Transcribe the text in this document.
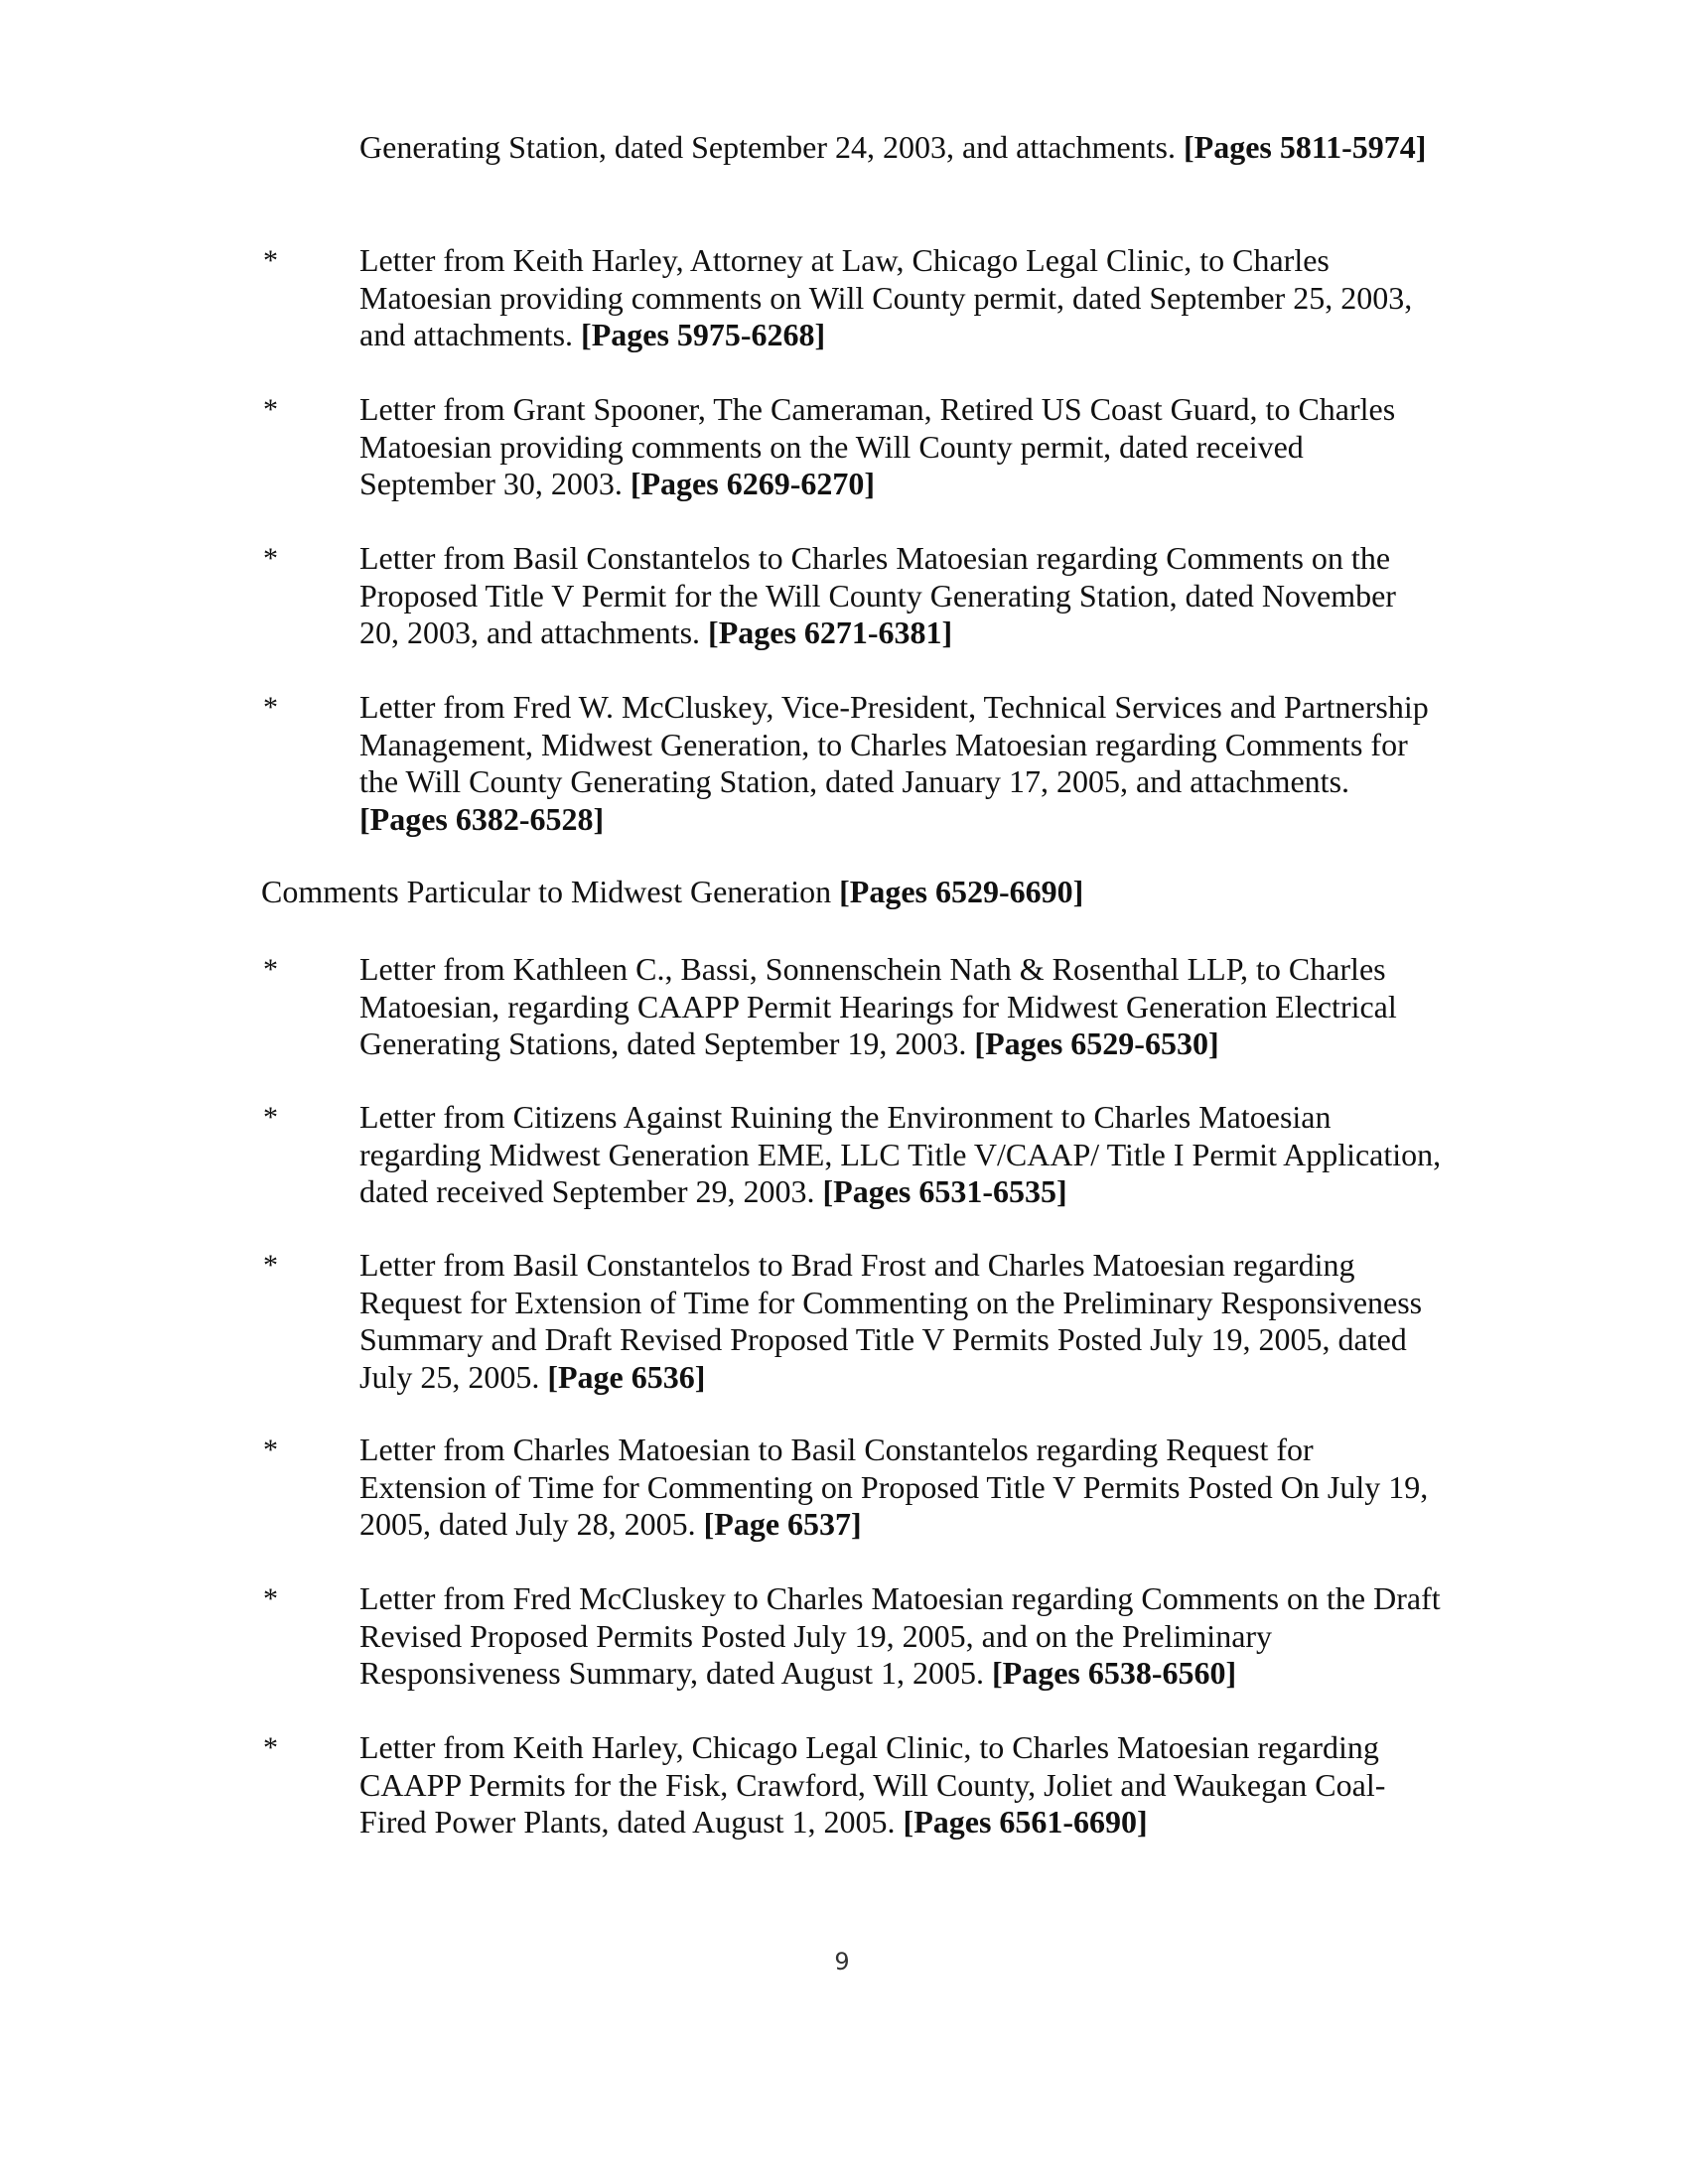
Generating Station, dated September 24, 2003, and attachments. [Pages 5811-5974]

*	Letter from Keith Harley, Attorney at Law, Chicago Legal Clinic, to Charles Matoesian providing comments on Will County permit, dated September 25, 2003, and attachments. [Pages 5975-6268]

*	Letter from Grant Spooner, The Cameraman, Retired US Coast Guard, to Charles Matoesian providing comments on the Will County permit, dated received September 30, 2003. [Pages 6269-6270]

*	Letter from Basil Constantelos to Charles Matoesian regarding Comments on the Proposed Title V Permit for the Will County Generating Station, dated November 20, 2003, and attachments. [Pages 6271-6381]

*	Letter from Fred W. McCluskey, Vice-President, Technical Services and Partnership Management, Midwest Generation, to Charles Matoesian regarding Comments for the Will County Generating Station, dated January 17, 2005, and attachments. [Pages 6382-6528]

Comments Particular to Midwest Generation [Pages 6529-6690]

*	Letter from Kathleen C., Bassi, Sonnenschein Nath & Rosenthal LLP, to Charles Matoesian, regarding CAAPP Permit Hearings for Midwest Generation Electrical Generating Stations, dated September 19, 2003. [Pages 6529-6530]

*	Letter from Citizens Against Ruining the Environment to Charles Matoesian regarding Midwest Generation EME, LLC Title V/CAAP/ Title I Permit Application, dated received September 29, 2003. [Pages 6531-6535]

*	Letter from Basil Constantelos to Brad Frost and Charles Matoesian regarding Request for Extension of Time for Commenting on the Preliminary Responsiveness Summary and Draft Revised Proposed Title V Permits Posted July 19, 2005, dated July 25, 2005. [Page 6536]

*	Letter from Charles Matoesian to Basil Constantelos regarding Request for Extension of Time for Commenting on Proposed Title V Permits Posted On July 19, 2005, dated July 28, 2005. [Page 6537]

*	Letter from Fred McCluskey to Charles Matoesian regarding Comments on the Draft Revised Proposed Permits Posted July 19, 2005, and on the Preliminary Responsiveness Summary, dated August 1, 2005. [Pages 6538-6560]

*	Letter from Keith Harley, Chicago Legal Clinic, to Charles Matoesian regarding CAAPP Permits for the Fisk, Crawford, Will County, Joliet and Waukegan Coal-Fired Power Plants, dated August 1, 2005. [Pages 6561-6690]

9
